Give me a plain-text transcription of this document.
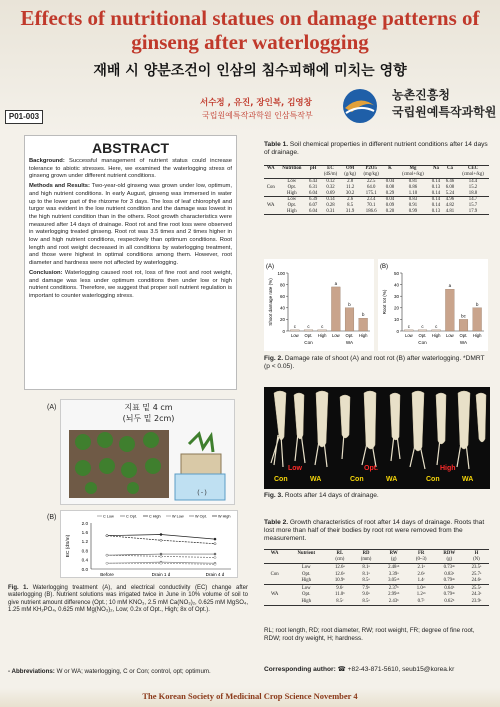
Effects of nutritional statues on damage patterns of ginseng after waterlogging
재배 시 양분조건이 인삼의 침수피해에 미치는 영향
P01-003
서수정 , 유진, 장인복, 김영창
국립원예특작과학원 인삼특작부
농촌진흥청
국립원예특작과학원
ABSTRACT

Background: Successful management of nutrient status could increase tolerance to abiotic stresses. Here, we examined the waterlogging stress of ginseng grown under different nutrient conditions.

Methods and Results: Two-year-old ginseng was grown under low, optimum, and high nutrient conditions. In early August, ginseng was immersed in water up to the lower part of the rhizome for 3 days. The loss of leaf chlorophyll and turgor was evident in the low nutrient condition and the damage was lowest in the high nutrient condition than in the others. Root growth characteristics were measured after 14 days of drainage. Root rot and fine root loss were observed in waterlogging treated ginseng. Root rot was 3.5 times and 2 times higher in low and high nutrient conditions, respectively than optimum conditions. Root length and root weight decreased in all conditions by waterlogging treatment, and those were highest in optimal conditions among them. However, root diameter and hardness were not affected by waterlogging.

Conclusion: Waterlogging caused root rot, loss of fine root and root weight, and damage was less under optimum conditions then under low or high nutrient conditions. Therefore, we suggest that proper soil nutrient regulation is important to counter waterlogging stress.

Table 1. Soil chemical properties in different nutrient conditions after 14 days of drainage.
WA	Nutrition	pH	EC	OM	P2O5	K	Mg	Na	Ca	CEC
			(dS/m)	(g/kg)	(mg/kg)		(cmol+/kg)			(cmol+/kg)
	Low	6.43	0.12	2.8	22.5	0.04	0.81	0.14	6.46	14.4
Con	Opt.	6.31	0.32	11.2	64.0	0.08	0.86	0.13	6.08	15.2
	High	6.04	0.69	30.2	175.1	0.29	1.10	0.14	5.24	18.8
	Low	6.39	0.14	2.6	23.4	0.04	0.83	0.14	4.96	14.7
WA	Opt.	6.07	0.28	8.5	70.1	0.09	0.91	0.14	4.82	15.7
	High	6.04	0.31	31.9	186.6	0.20	0.99	0.13	4.81	17.9
(A)
0
20
40
60
80
100
Shoot damage rate (%)
c
Low
c
Opt.
c
High
a
Low
b
Opt.
b
High
Con	WA
(B)
0
10
20
30
40
50
Root rot (%)
c
Low
c
Opt.
c
High
a
Low
bc
Opt.
b
High
Con	WA
Fig. 2. Damage rate of shoot (A) and root rot (B) after waterlogging. *DMRT (p < 0.05).
Low	Opt.	High
Con	WA	Con	WA	Con	WA
Fig. 3. Roots after 14 days of drainage.
Table 2. Growth characteristics of root after 14 days of drainage. Roots that lost more than half of their bodies by root rot were removed from the measurement.
WA	Nutrient	RL	RD	RW	FR	RDW	H
		(cm)	(mm)	(g)	(0~3)	(g)	(N)
	Low	12.6ᵃ	8.1ᵃ	2.48ᵃᵇ	2.1ᵃ	0.73ᵃᵇ	23.5ᵃ
Con	Opt.	12.6ᵃ	8.1ᵃ	3.39ᵃ	2.6ᵃ	0.83ᵃ	25.7ᵃ
	High	10.9ᵇ	8.5ᵃ	3.05ᵃᵇ	1.4ᶜ	0.79ᵃᵇ	24.6ᵃ
	Low	9.6ᶜ	7.9ᵃ	2.37ᵇ	1.0ᵃᵇ	0.64ᵇ	25.5ᵃ
WA	Opt.	11.0ᵇ	9.0ᵃ	2.99ᵃᵇ	1.2ᵃᵇ	0.79ᵃᵇ	24.3ᵃ
	High	8.5ᶜ	8.5ᵃ	2.43ᵇ	0.7ᶜ	0.62ᵇ	23.9ᵃ
RL; root length, RD; root diameter, RW; root weight, FR; degree of fine root, RDW; root dry weight, H; hardness.
Corresponding author: ☎ +82-43-871-5610, seub15@korea.kr
(A)	지표 밑 4 cm
(뇌두 밑 2cm)
( - )
(B)
0.0
0.4
0.8
1.2
1.6
2.0
EC (dS/m)
Before	Drain 1 d	Drain 4 d
C Low	C Opt.	C High	W Low	W Opt.	W High
Fig. 1. Waterlogging treatment (A), and electrical conductivity (EC) change after waterlogging (B). Nutrient solutions was irrigated twice in June in 10% volume of soil to give nutrient amount difference (Opt.; 10 mM KNO₃, 2.5 mM Ca(NO₃)₂, 0.625 mM MgSO₄, 1.25 mM KH₂PO₄, 0.625 mM Mg(NO₃)₂, Low; 0.2x of Opt., High; 8x of Opt.).
- Abbreviations: W or WA; waterlogging, C or Con; control, opt; optimum.
The Korean Society of Medicinal Crop Science November 4
